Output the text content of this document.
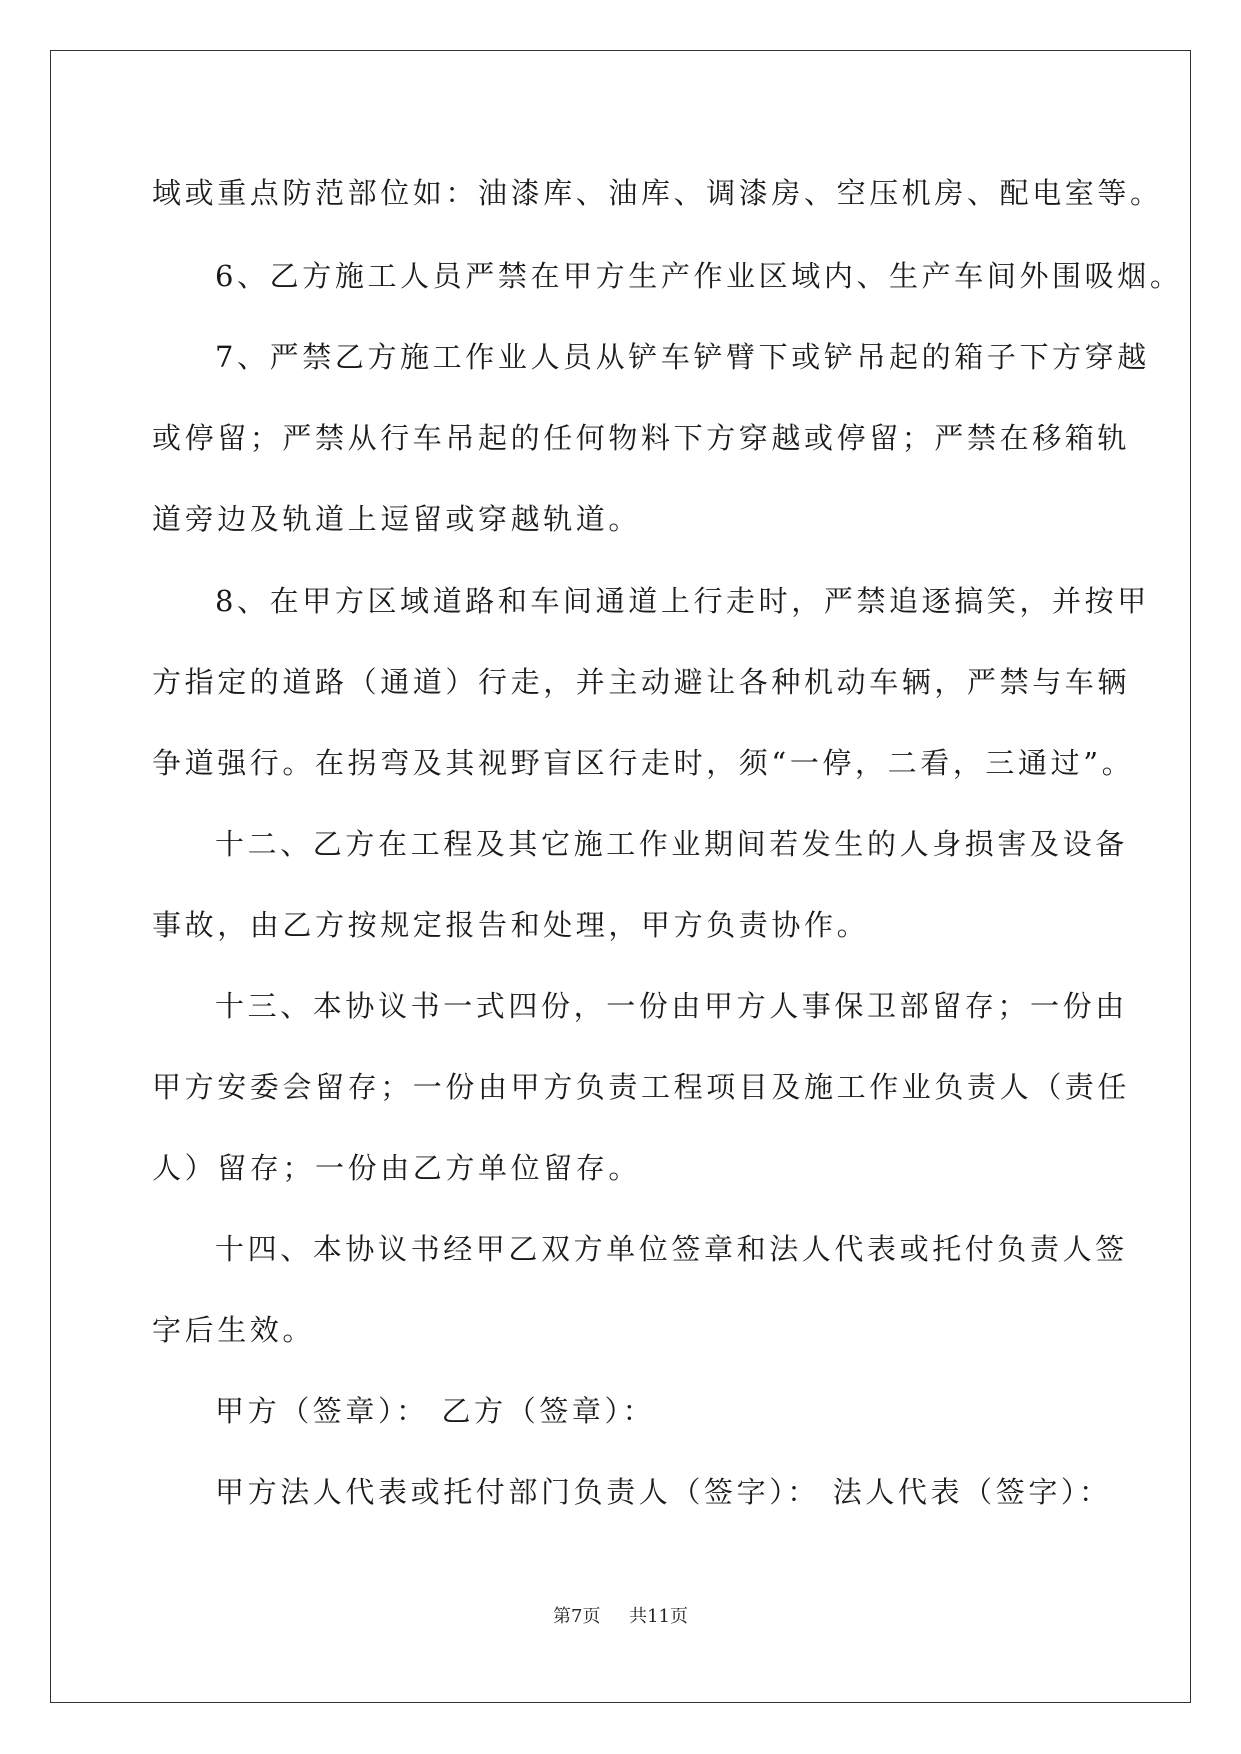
域或重点防范部位如：油漆库、油库、调漆房、空压机房、配电室等。
6、乙方施工人员严禁在甲方生产作业区域内、生产车间外围吸烟。
7、严禁乙方施工作业人员从铲车铲臂下或铲吊起的箱子下方穿越
或停留；严禁从行车吊起的任何物料下方穿越或停留；严禁在移箱轨
道旁边及轨道上逗留或穿越轨道。
8、在甲方区域道路和车间通道上行走时，严禁追逐搞笑，并按甲
方指定的道路（通道）行走，并主动避让各种机动车辆，严禁与车辆
争道强行。在拐弯及其视野盲区行走时，须“一停，二看，三通过”。
十二、乙方在工程及其它施工作业期间若发生的人身损害及设备
事故，由乙方按规定报告和处理，甲方负责协作。
十三、本协议书一式四份，一份由甲方人事保卫部留存；一份由
甲方安委会留存；一份由甲方负责工程项目及施工作业负责人（责任
人）留存；一份由乙方单位留存。
十四、本协议书经甲乙双方单位签章和法人代表或托付负责人签
字后生效。
甲方（签章）： 乙方（签章）：
甲方法人代表或托付部门负责人（签字）： 法人代表（签字）：
第7页 共11页
